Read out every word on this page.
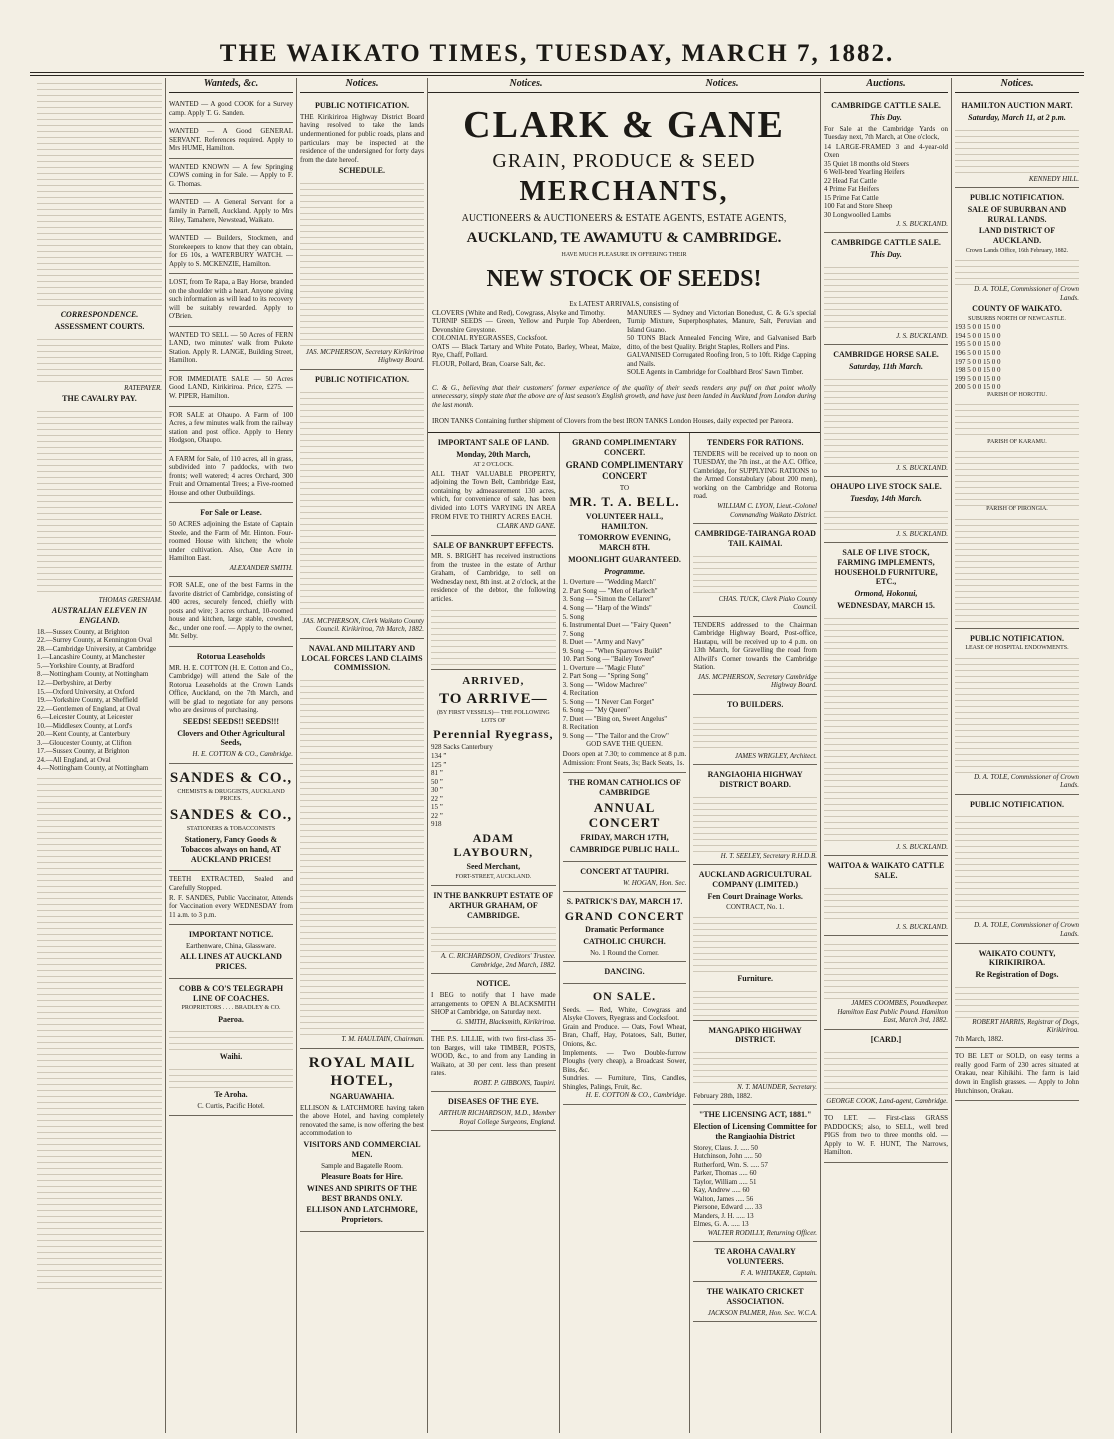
THE WAIKATO TIMES, TUESDAY, MARCH 7, 1882.
CORRESPONDENCE.
ASSESSMENT COURTS.
RATEPAYER.
THE CAVALRY PAY.
THOMAS GRESHAM.
AUSTRALIAN ELEVEN IN ENGLAND.
18.—Sussex County, at Brighton
22.—Surrey County, at Kennington Oval
28.—Cambridge University, at Cambridge
1.—Lancashire County, at Manchester
5.—Yorkshire County, at Bradford
8.—Nottingham County, at Nottingham
12.—Derbyshire, at Derby
15.—Oxford University, at Oxford
19.—Yorkshire County, at Sheffield
22.—Gentlemen of England, at Oval
6.—Leicester County, at Leicester
10.—Middlesex County, at Lord's
20.—Kent County, at Canterbury
3.—Gloucester County, at Clifton
17.—Sussex County, at Brighton
24.—All England, at Oval
4.—Nottingham County, at Nottingham
Wanteds, &c.

WANTED — A good COOK for a Survey camp. Apply T. G. Sanden.

WANTED — A Good GENERAL SERVANT. References required. Apply to Mrs HUME, Hamilton.

WANTED KNOWN — A few Springing COWS coming in for Sale. — Apply to F. G. Thomas.

WANTED — A General Servant for a family in Parnell, Auckland. Apply to Mrs Riley, Tamahere, Newstead, Waikato.

WANTED — Builders, Stockmen, and Storekeepers to know that they can obtain, for £6 10s, a WATERBURY WATCH. — Apply to S. MCKENZIE, Hamilton.

LOST, from Te Rapa, a Bay Horse, branded on the shoulder with a heart. Anyone giving such information as will lead to its recovery will be suitably rewarded. Apply to O'Brien.

WANTED TO SELL — 50 Acres of FERN LAND, two minutes' walk from Pukete Station. Apply R. LANGE, Building Street, Hamilton.

FOR IMMEDIATE SALE — 50 Acres Good LAND, Kirikiriroa. Price, £275. — W. PIPER, Hamilton.

FOR SALE at Ohaupo. A Farm of 100 Acres, a few minutes walk from the railway station and post office. Apply to Henry Hodgson, Ohaupo.

A FARM for Sale, of 110 acres, all in grass, subdivided into 7 paddocks, with two fronts; well watered; 4 acres Orchard, 300 Fruit and Ornamental Trees; a Five-roomed House and other Outbuildings.

For Sale or Lease.

50 ACRES adjoining the Estate of Captain Steele, and the Farm of Mr. Hinton. Four-roomed House with kitchen; the whole under cultivation. Also, One Acre in Hamilton East.

ALEXANDER SMITH.

FOR SALE, one of the best Farms in the favorite district of Cambridge, consisting of 400 acres, securely fenced, chiefly with posts and wire; 3 acres orchard, 10-roomed house and kitchen, large stable, cowshed, &c., under one roof. — Apply to the owner, Mr. Selby.

Rotorua Leaseholds

MR. H. E. COTTON (H. E. Cotton and Co., Cambridge) will attend the Sale of the Rotorua Leaseholds at the Crown Lands Office, Auckland, on the 7th March, and will be glad to negotiate for any persons who are desirous of purchasing.

SEEDS! SEEDS!! SEEDS!!!
Clovers and Other Agricultural Seeds,
H. E. COTTON & CO., Cambridge.
SANDES & CO.,
CHEMISTS & DRUGGISTS, AUCKLAND PRICES.
SANDES & CO.,
STATIONERS & TOBACCONISTS
Stationery, Fancy Goods & Tobaccos always on hand, AT AUCKLAND PRICES!

TEETH EXTRACTED, Sealed and Carefully Stopped.

R. F. SANDES, Public Vaccinator, Attends for Vaccination every WEDNESDAY from 11 a.m. to 3 p.m.

IMPORTANT NOTICE.
Earthenware, China, Glassware.
ALL LINES AT AUCKLAND PRICES.
COBB & CO'S TELEGRAPH LINE OF COACHES.
PROPRIETORS . . . . BRADLEY & CO.
Paeroa.
Waihi.
Te Aroha.
C. Curtis, Pacific Hotel.
Notices.
PUBLIC NOTIFICATION.

THE Kirikiriroa Highway District Board having resolved to take the lands undermentioned for public roads, plans and particulars may be inspected at the residence of the undersigned for forty days from the date hereof.

SCHEDULE.
JAS. MCPHERSON, Secretary Kirikiriroa Highway Board.
PUBLIC NOTIFICATION.
JAS. MCPHERSON, Clerk Waikato County Council. Kirikiriroa, 7th March, 1882.
NAVAL AND MILITARY AND LOCAL FORCES LAND CLAIMS COMMISSION.
T. M. HAULTAIN, Chairman.
ROYAL MAIL HOTEL,
NGARUAWAHIA.

ELLISON & LATCHMORE having taken the above Hotel, and having completely renovated the same, is now offering the best accommodation to

VISITORS AND COMMERCIAL MEN.
Sample and Bagatelle Room.
Pleasure Boats for Hire.
WINES AND SPIRITS OF THE BEST BRANDS ONLY.
ELLISON AND LATCHMORE, Proprietors.
Notices.	Notices.
CLARK & GANE
GRAIN, PRODUCE & SEED
MERCHANTS,
AUCTIONEERS & AUCTIONEERS & ESTATE AGENTS, ESTATE AGENTS,
AUCKLAND, TE AWAMUTU & CAMBRIDGE.
HAVE MUCH PLEASURE IN OFFERING THEIR
NEW STOCK OF SEEDS!
Ex LATEST ARRIVALS, consisting of
CLOVERS (White and Red), Cowgrass, Alsyke and Timothy.
TURNIP SEEDS — Green, Yellow and Purple Top Aberdeen, Devonshire Greystone.
COLONIAL RYEGRASSES, Cocksfoot.
OATS — Black Tartary and White Potato, Barley, Wheat, Maize, Rye, Chaff, Pollard.
FLOUR, Pollard, Bran, Coarse Salt, &c.
MANURES — Sydney and Victorian Bonedust, C. & G.'s special Turnip Mixture, Superphosphates, Manure, Salt, Peruvian and Island Guano.
50 TONS Black Annealed Fencing Wire, and Galvanised Barb ditto, of the best Quality. Bright Staples, Rollers and Pins.
GALVANISED Corrugated Roofing Iron, 5 to 10ft. Ridge Capping and Nails.
SOLE Agents in Cambridge for Coalbhard Bros' Sawn Timber.

C. & G., believing that their customers' former experience of the quality of their seeds renders any puff on that point wholly unnecessary, simply state that the above are of last season's English growth, and have just been landed in Auckland from London during the last month.

IRON TANKS Containing further shipment of Clovers from the best IRON TANKS London Houses, daily expected per Pareora.

IMPORTANT SALE OF LAND.
Monday, 20th March,
AT 2 O'CLOCK.

ALL THAT VALUABLE PROPERTY, adjoining the Town Belt, Cambridge East, containing by admeasurement 130 acres, which, for convenience of sale, has been divided into LOTS VARYING IN AREA FROM FIVE TO THIRTY ACRES EACH.

CLARK AND GANE.
SALE OF BANKRUPT EFFECTS.

MR. S. BRIGHT has received instructions from the trustee in the estate of Arthur Graham, of Cambridge, to sell on Wednesday next, 8th inst. at 2 o'clock, at the residence of the debtor, the following articles.

ARRIVED,
TO ARRIVE—
(BY FIRST VESSELS)— THE FOLLOWING LOTS OF
Perennial Ryegrass,
928 Sacks Canterbury
134 ”
125 ”
81 ”
50 ”
30 ”
22 ”
15 ”
22 ”
918
ADAM LAYBOURN,
Seed Merchant,
FORT-STREET, AUCKLAND.
IN THE BANKRUPT ESTATE OF ARTHUR GRAHAM, OF CAMBRIDGE.
A. C. RICHARDSON, Creditors' Trustee. Cambridge, 2nd March, 1882.
NOTICE.

I BEG to notify that I have made arrangements to OPEN A BLACKSMITH SHOP at Cambridge, on Saturday next.

G. SMITH, Blacksmith, Kirikiriroa.

THE P.S. LILLIE, with two first-class 35-ton Barges, will take TIMBER, POSTS, WOOD, &c., to and from any Landing in Waikato, at 30 per cent. less than present rates.

ROBT. P. GIBBONS, Taupiri.
DISEASES OF THE EYE.
ARTHUR RICHARDSON, M.D., Member Royal College Surgeons, England.
GRAND COMPLIMENTARY CONCERT.
GRAND COMPLIMENTARY CONCERT
TO
MR. T. A. BELL.
VOLUNTEER HALL, HAMILTON.
TOMORROW EVENING, MARCH 8TH.
MOONLIGHT GUARANTEED.
Programme.
1. Overture — "Wedding March"
2. Part Song — "Men of Harlech"
3. Song — "Simon the Cellarer"
4. Song — "Harp of the Winds"
5. Song
6. Instrumental Duet — "Fairy Queen"
7. Song
8. Duet — "Army and Navy"
9. Song — "When Sparrows Build"
10. Part Song — "Bailey Tower"
1. Overture — "Magic Flute"
2. Part Song — "Spring Song"
3. Song — "Widow Machree"
4. Recitation
5. Song — "I Never Can Forget"
6. Song — "My Queen"
7. Duet — "Bing on, Sweet Angelus"
8. Recitation
9. Song — "The Tailor and the Crow"
GOD SAVE THE QUEEN.

Doors open at 7.30; to commence at 8 p.m. Admission: Front Seats, 3s; Back Seats, 1s.

THE ROMAN CATHOLICS OF CAMBRIDGE
ANNUAL CONCERT
FRIDAY, MARCH 17TH,
CAMBRIDGE PUBLIC HALL.
CONCERT AT TAUPIRI.
W. HOGAN, Hon. Sec.
S. PATRICK'S DAY, MARCH 17.
GRAND CONCERT
Dramatic Performance
CATHOLIC CHURCH.
No. 1 Round the Corner.
DANCING.
ON SALE.
Seeds. — Red, White, Cowgrass and Alsyke Clovers, Ryegrass and Cocksfoot.
Grain and Produce. — Oats, Fowl Wheat, Bran, Chaff, Hay, Potatoes, Salt, Butter, Onions, &c.
Implements. — Two Double-furrow Ploughs (very cheap), a Broadcast Sower, Bins, &c.
Sundries. — Furniture, Tins, Candles, Shingles, Palings, Fruit, &c.
H. E. COTTON & CO., Cambridge.
TENDERS FOR RATIONS.

TENDERS will be received up to noon on TUESDAY, the 7th inst., at the A.C. Office, Cambridge, for SUPPLYING RATIONS to the Armed Constabulary (about 200 men), working on the Cambridge and Rotorua road.

WILLIAM C. LYON, Lieut.-Colonel Commanding Waikato District.
CAMBRIDGE-TAIRANGA ROAD TAIL KAIMAI.
CHAS. TUCK, Clerk Piako County Council.

TENDERS addressed to the Chairman Cambridge Highway Board, Post-office, Hautapu, will be received up to 4 p.m. on 13th March, for Gravelling the road from Allwill's Corner towards the Cambridge Station.

JAS. MCPHERSON, Secretary Cambridge Highway Board.
TO BUILDERS.
JAMES WRIGLEY, Architect.
RANGIAOHIA HIGHWAY DISTRICT BOARD.
H. T. SEELEY, Secretary R.H.D.B.
AUCKLAND AGRICULTURAL COMPANY (LIMITED.)
Fen Court Drainage Works.
CONTRACT, No. 1.
Furniture.
MANGAPIKO HIGHWAY DISTRICT.
N. T. MAUNDER, Secretary.
February 28th, 1882.
"THE LICENSING ACT, 1881."
Election of Licensing Committee for the Rangiaohia District
Storey, Claus. J. ..... 50
Hutchinson, John ..... 50
Rutherford, Wm. S. ..... 57
Parker, Thomas ..... 60
Taylor, William ..... 51
Kay, Andrew ..... 60
Walton, James ..... 56
Piersone, Edward ..... 33
Manders, J. H. ..... 13
Elmes, G. A. ..... 13
WALTER RODILLY, Returning Officer.
TE AROHA CAVALRY VOLUNTEERS.
F. A. WHITAKER, Captain.
THE WAIKATO CRICKET ASSOCIATION.
JACKSON PALMER, Hon. Sec. W.C.A.
Auctions.
CAMBRIDGE CATTLE SALE.
This Day.

For Sale at the Cambridge Yards on Tuesday next, 7th March, at One o'clock,

14 LARGE-FRAMED 3 and 4-year-old Oxen
35 Quiet 18 months old Steers
6 Well-bred Yearling Heifers
22 Head Fat Cattle
4 Prime Fat Heifers
15 Prime Fat Cattle
100 Fat and Store Sheep
30 Longwoolled Lambs
J. S. BUCKLAND.
CAMBRIDGE CATTLE SALE.
This Day.
J. S. BUCKLAND.
CAMBRIDGE HORSE SALE.
Saturday, 11th March.
J. S. BUCKLAND.
OHAUPO LIVE STOCK SALE.
Tuesday, 14th March.
J. S. BUCKLAND.
SALE OF LIVE STOCK, FARMING IMPLEMENTS, HOUSEHOLD FURNITURE, ETC.,
Ormond, Hokonui,
WEDNESDAY, MARCH 15.
J. S. BUCKLAND.
WAITOA & WAIKATO CATTLE SALE.
J. S. BUCKLAND.
JAMES COOMBES, Poundkeeper. Hamilton East Public Pound. Hamilton East, March 3rd, 1882.
[CARD.]
GEORGE COOK, Land-agent, Cambridge.

TO LET. — First-class GRASS PADDOCKS; also, to SELL, well bred PIGS from two to three months old. — Apply to W. F. HUNT, The Narrows, Hamilton.

Notices.
HAMILTON AUCTION MART.
Saturday, March 11, at 2 p.m.
KENNEDY HILL.
PUBLIC NOTIFICATION.
SALE OF SUBURBAN AND RURAL LANDS.
LAND DISTRICT OF AUCKLAND.
Crown Lands Office, 16th February, 1882.
D. A. TOLE, Commissioner of Crown Lands.
COUNTY OF WAIKATO.
SUBURBS NORTH OF NEWCASTLE.
193 5 0 0 15 0 0
194 5 0 0 15 0 0
195 5 0 0 15 0 0
196 5 0 0 15 0 0
197 5 0 0 15 0 0
198 5 0 0 15 0 0
199 5 0 0 15 0 0
200 5 0 0 15 0 0
PARISH OF HOROTIU.
PARISH OF KARAMU.
PARISH OF PIRONGIA.
PUBLIC NOTIFICATION.
LEASE OF HOSPITAL ENDOWMENTS.
D. A. TOLE, Commissioner of Crown Lands.
PUBLIC NOTIFICATION.
D. A. TOLE, Commissioner of Crown Lands.
WAIKATO COUNTY, KIRIKIRIROA.
Re Registration of Dogs.
ROBERT HARRIS, Registrar of Dogs, Kirikiriroa.
7th March, 1882.

TO BE LET or SOLD, on easy terms a really good Farm of 230 acres situated at Orakau, near Kihikihi. The farm is laid down in English grasses. — Apply to John Hutchinson, Orakau.
